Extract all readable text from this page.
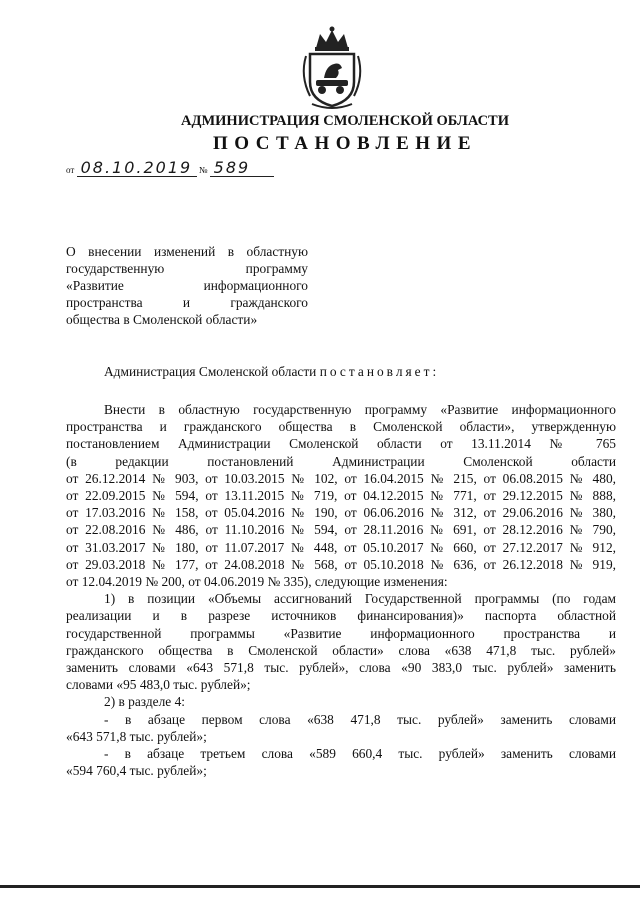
АДМИНИСТРАЦИЯ СМОЛЕНСКОЙ ОБЛАСТИ
ПОСТАНОВЛЕНИЕ
от 08.10.2019 № 589
О внесении изменений в областную
государственную программу
«Развитие информационного
пространства и гражданского
общества в Смоленской области»
Администрация Смоленской области постановляет:
Внести в областную государственную программу «Развитие информационного
пространства и гражданского общества в Смоленской области», утвержденную
постановлением Администрации Смоленской области от 13.11.2014 № 765
(в редакции постановлений Администрации Смоленской области
от 26.12.2014 № 903, от 10.03.2015 № 102, от 16.04.2015 № 215, от 06.08.2015 № 480,
от 22.09.2015 № 594, от 13.11.2015 № 719, от 04.12.2015 № 771, от 29.12.2015 № 888,
от 17.03.2016 № 158, от 05.04.2016 № 190, от 06.06.2016 № 312, от 29.06.2016 № 380,
от 22.08.2016 № 486, от 11.10.2016 № 594, от 28.11.2016 № 691, от 28.12.2016 № 790,
от 31.03.2017 № 180, от 11.07.2017 № 448, от 05.10.2017 № 660, от 27.12.2017 № 912,
от 29.03.2018 № 177, от 24.08.2018 № 568, от 05.10.2018 № 636, от 26.12.2018 № 919,
от 12.04.2019 № 200, от 04.06.2019 № 335), следующие изменения:
1) в позиции «Объемы ассигнований Государственной программы (по годам
реализации и в разрезе источников финансирования)» паспорта областной
государственной программы «Развитие информационного пространства и
гражданского общества в Смоленской области» слова «638 471,8 тыс. рублей»
заменить словами «643 571,8 тыс. рублей», слова «90 383,0 тыс. рублей» заменить
словами «95 483,0 тыс. рублей»;
2) в разделе 4:
- в абзаце первом слова «638 471,8 тыс. рублей» заменить словами
«643 571,8 тыс. рублей»;
- в абзаце третьем слова «589 660,4 тыс. рублей» заменить словами
«594 760,4 тыс. рублей»;
